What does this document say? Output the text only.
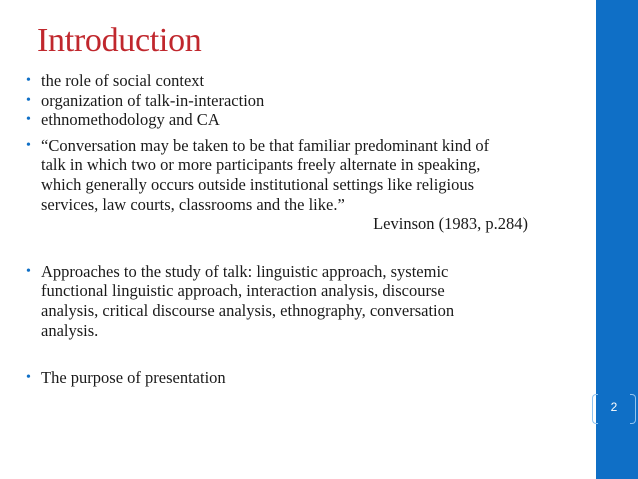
2
Introduction
• the role of social context
• organization of talk-in-interaction
• ethnomethodology and CA
• “Conversation may be taken to be that familiar predominant kind of
talk in which two or more participants freely alternate in speaking,
which generally occurs outside institutional settings like religious
services, law courts, classrooms and the like.”
Levinson (1983, p.284)
• Approaches to the study of talk: linguistic approach, systemic
functional linguistic approach, interaction analysis, discourse
analysis, critical discourse analysis, ethnography, conversation
analysis.
• The purpose of presentation
